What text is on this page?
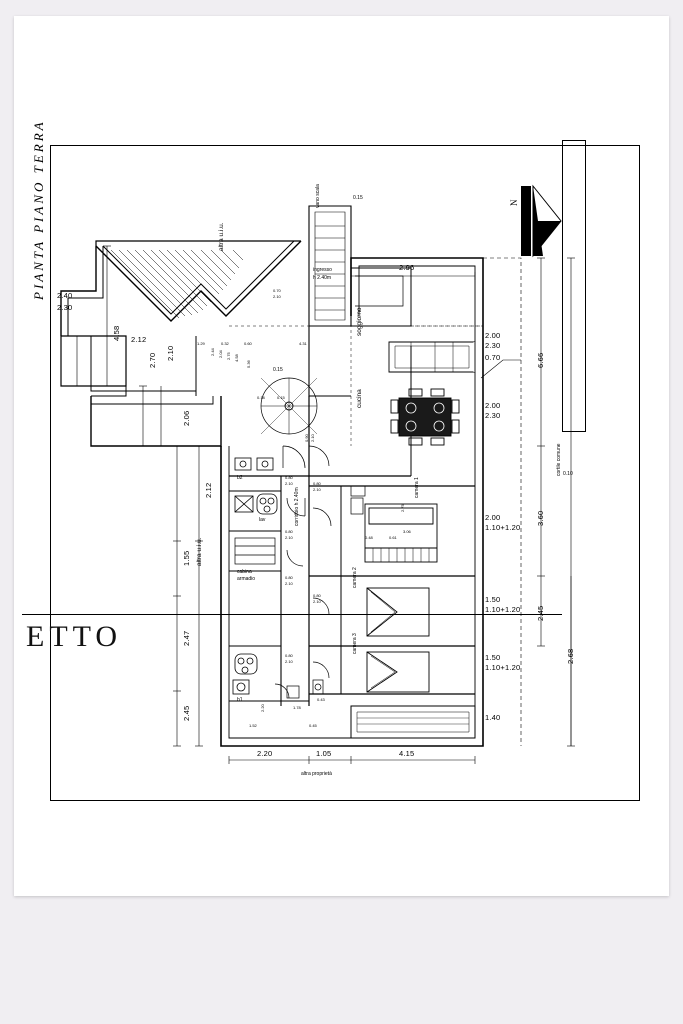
altra u.i.u.
altra u.i.u.
vano scala
ingresso
h 2.40m
soggiorno
cucina
corridoio h 2.40m	camera 1
camera 2
camera 3
cabina
armadio
lav
b2
b1
cortile comune
altra proprietà
2.96
0.15
2.40
2.30
4.58 2.12
2.70 2.10
2.06
2.12
1.55
2.47
2.45
2.00
2.30
0.70
2.00
2.30
2.00
1.10+1.20
1.50
1.10+1.20
1.50
1.10+1.20
1.40
6.66
3.60
2.45
2.68
0.10
2.20	1.05	4.15
0.80
2.10
0.80
2.10
0.80
2.10
0.80
2.10
0.80
2.10
0.80
2.10
0.70
2.10
0.90 2.10
0.15
1.29	0.32	0.60	4.31
2.44 2.04 2.75 4.58
5.36
0.48	0.61
2.75
3.06
1.78
0.43
0.45
2.20
1.52
0.15
0.18
N
PIANTA PIANO TERRA
ETTO
